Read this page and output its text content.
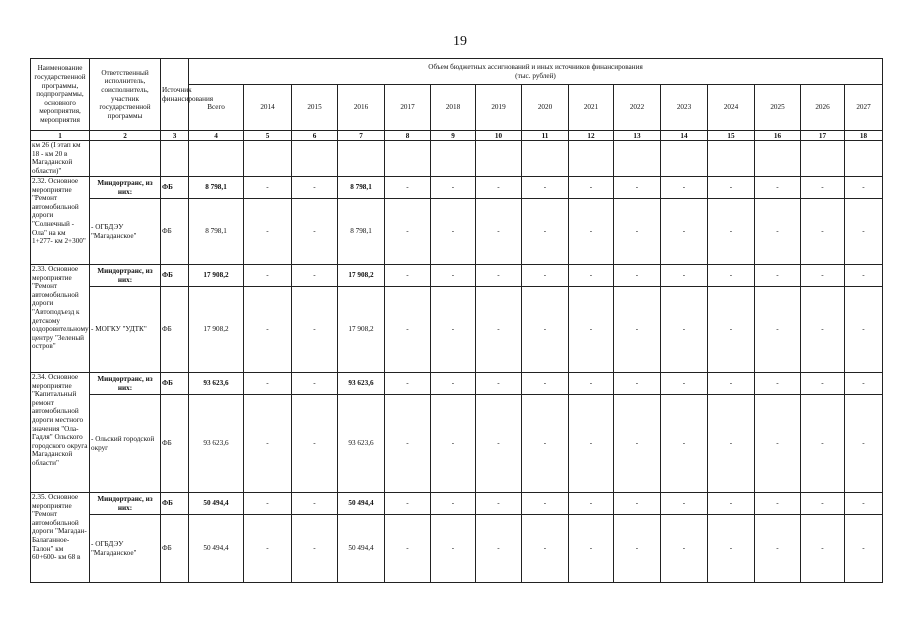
19
Наименование государственной программы, подпрограммы, основного мероприятия, мероприятия	Ответственный исполнитель, соисполнитель, участник государственной программы	Источник финансирования	Объем бюджетных ассигнований и иных источников финансирования
(тыс. рублей)														
			Всего	2014	2015	2016	2017	2018	2019	2020	2021	2022	2023	2024	2025	2026	2027
1	2	3	4	5	6	7	8	9	10	11	12	13	14	15	16	17	18
км 26 (I этап км 18 - км 20 в Магаданской области)"																	
2.32. Основное мероприятие "Ремонт автомобильной дороги "Солнечный - Ола" на км 1+277- км 2+300"	Миндортранс, из них:	ФБ	8 798,1	-	-	8 798,1	-	-	-	-	-	-	-	-	-	-	-
	- ОГБДЭУ "Магаданское"	ФБ	8 798,1	-	-	8 798,1	-	-	-	-	-	-	-	-	-	-	-
2.33. Основное мероприятие "Ремонт автомобильной дороги "Автоподъезд к детскому оздоровительному центру "Зеленый остров"	Миндортранс, из них:	ФБ	17 908,2	-	-	17 908,2	-	-	-	-	-	-	-	-	-	-	-
	- МОГКУ "УДТК"	ФБ	17 908,2	-	-	17 908,2	-	-	-	-	-	-	-	-	-	-	-
2.34. Основное мероприятие "Капитальный ремонт автомобильной дороги местного значения "Ола-Гадля" Ольского городского округа Магаданской области"	Миндортранс, из них:	ФБ	93 623,6	-	-	93 623,6	-	-	-	-	-	-	-	-	-	-	-
	- Ольский городской округ	ФБ	93 623,6	-	-	93 623,6	-	-	-	-	-	-	-	-	-	-	-
2.35. Основное мероприятие "Ремонт автомобильной дороги "Магадан-Балаганное-Талон" км 60+600- км 68 в	Миндортранс, из них:	ФБ	50 494,4	-	-	50 494,4	-	-	-	-	-	-	-	-	-	-	-
	- ОГБДЭУ "Магаданское"	ФБ	50 494,4	-	-	50 494,4	-	-	-	-	-	-	-	-	-	-	-
